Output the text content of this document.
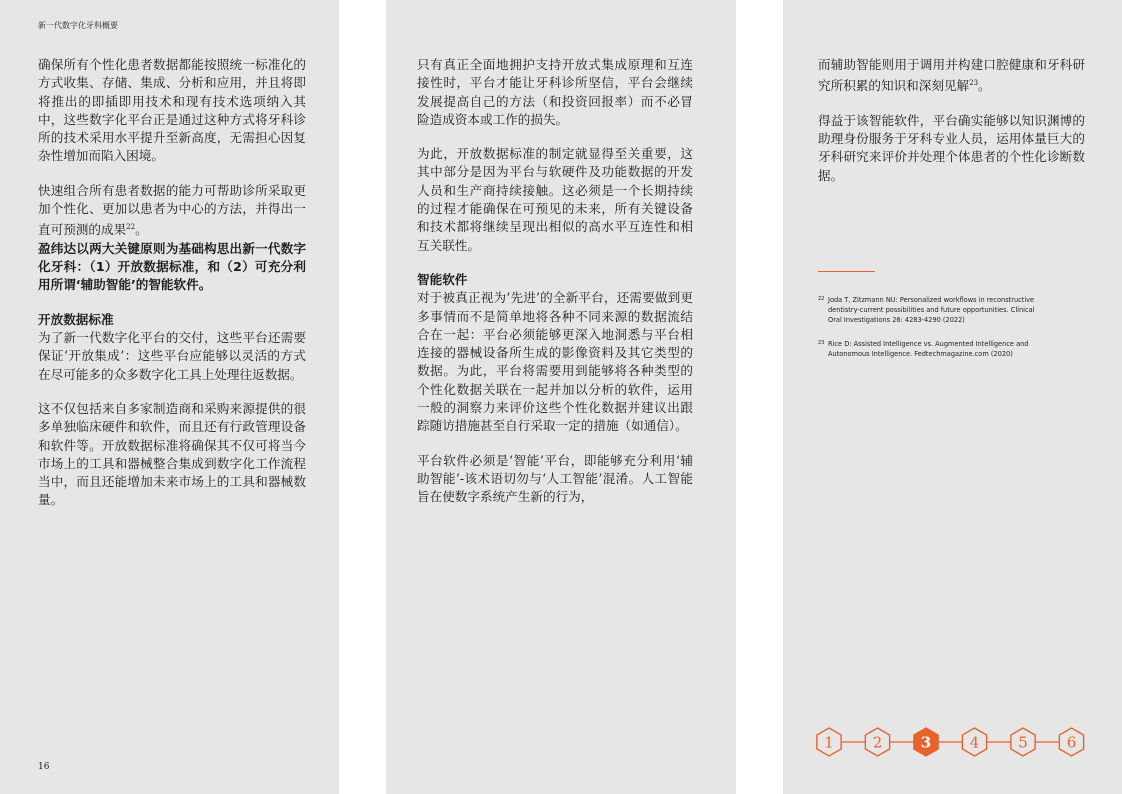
新一代数字化牙科概要

确保所有个性化患者数据都能按照统一标准化的方式收集、存储、集成、分析和应用，并且将即将推出的即插即用技术和现有技术选项纳入其中，这些数字化平台正是通过这种方式将牙科诊所的技术采用水平提升至新高度，无需担心因复杂性增加而陷入困境。

快速组合所有患者数据的能力可帮助诊所采取更加个性化、更加以患者为中心的方法，并得出一直可预测的成果$^{22}$。

盈纬达以两大关键原则为基础构思出新一代数字化牙科：（1）开放数据标准，和（2）可充分利用所谓‘辅助智能’的智能软件。

开放数据标准

为了新一代数字化平台的交付，这些平台还需要保证‘开放集成’：这些平台应能够以灵活的方式在尽可能多的众多数字化工具上处理往返数据。

这不仅包括来自多家制造商和采购来源提供的很多单独临床硬件和软件，而且还有行政管理设备和软件等。开放数据标准将确保其不仅可将当今市场上的工具和器械整合集成到数字化工作流程当中，而且还能增加未来市场上的工具和器械数量。

只有真正全面地拥护支持开放式集成原理和互连接性时，平台才能让牙科诊所坚信，平台会继续发展提高自己的方法（和投资回报率）而不必冒险造成资本或工作的损失。

为此，开放数据标准的制定就显得至关重要，这其中部分是因为平台与软硬件及功能数据的开发人员和生产商持续接触。这必须是一个长期持续的过程才能确保在可预见的未来，所有关键设备和技术都将继续呈现出相似的高水平互连性和相互关联性。

智能软件

对于被真正视为‘先进’的全新平台，还需要做到更多事情而不是简单地将各种不同来源的数据流结合在一起：平台必须能够更深入地洞悉与平台相连接的器械设备所生成的影像资料及其它类型的数据。为此，平台将需要用到能够将各种类型的个性化数据关联在一起并加以分析的软件，运用一般的洞察力来评价这些个性化数据并建议出跟踪随访措施甚至自行采取一定的措施（如通信）。

平台软件必须是‘智能’平台，即能够充分利用‘辅助智能’-该术语切勿与‘人工智能’混淆。人工智能旨在使数字系统产生新的行为，

而辅助智能则用于调用并构建口腔健康和牙科研究所积累的知识和深刻见解$^{23}$。

得益于该智能软件，平台确实能够以知识渊博的助理身份服务于牙科专业人员，运用体量巨大的牙科研究来评价并处理个体患者的个性化诊断数据。

22 Joda T, Zitzmann NU: Personalized workflows in reconstructive dentistry-current possibilities and future opportunities. Clinical Oral Investigations 26: 4283-4290 (2022)
23 Rice D: Assisted Intelligence vs. Augmented Intelligence and Autonomous Intelligence. Fedtechmagazine.com (2020)
1	2	3	4	5	6
16
